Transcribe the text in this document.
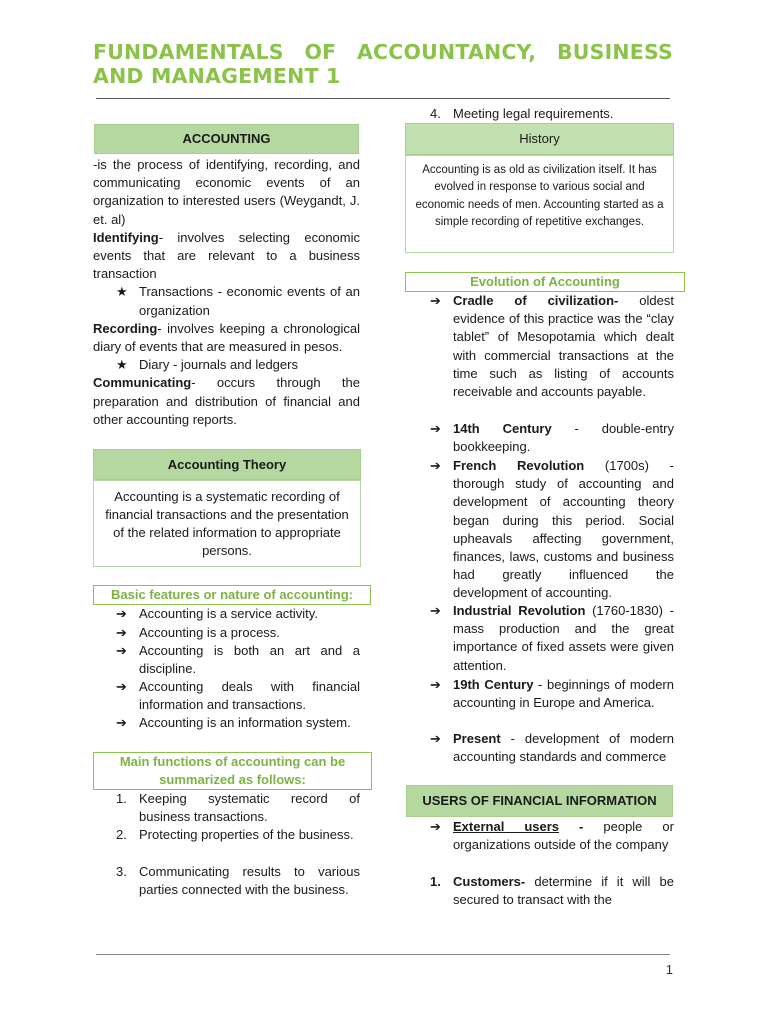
FUNDAMENTALS OF ACCOUNTANCY, BUSINESS AND MANAGEMENT 1
ACCOUNTING

-is the process of identifying, recording, and communicating economic events of an organization to interested users (Weygandt, J. et. al)

Identifying- involves selecting economic events that are relevant to a business transaction

★ Transactions - economic events of an organization

Recording- involves keeping a chronological diary of events that are measured in pesos.

★ Diary - journals and ledgers

Communicating- occurs through the preparation and distribution of financial and other accounting reports.

Accounting Theory
Accounting is a systematic recording of financial transactions and the presentation of the related information to appropriate persons.
Basic features or nature of accounting:
➔ Accounting is a service activity.
➔ Accounting is a process.
➔ Accounting is both an art and a discipline.
➔ Accounting deals with financial information and transactions.
➔ Accounting is an information system.
Main functions of accounting can be summarized as follows:
1. Keeping systematic record of business transactions.
2. Protecting properties of the business.
3. Communicating results to various parties connected with the business.
4. Meeting legal requirements.
History
Accounting is as old as civilization itself. It has evolved in response to various social and economic needs of men. Accounting started as a simple recording of repetitive exchanges.
Evolution of Accounting
➔ Cradle of civilization- oldest evidence of this practice was the “clay tablet” of Mesopotamia which dealt with commercial transactions at the time such as listing of accounts receivable and accounts payable.
➔ 14th Century - double-entry bookkeeping.
➔ French Revolution (1700s) - thorough study of accounting and development of accounting theory began during this period. Social upheavals affecting government, finances, laws, customs and business had greatly influenced the development of accounting.
➔ Industrial Revolution (1760-1830) - mass production and the great importance of fixed assets were given attention.
➔ 19th Century - beginnings of modern accounting in Europe and America.
➔ Present - development of modern accounting standards and commerce
USERS OF FINANCIAL INFORMATION
➔ External users - people or organizations outside of the company
1. Customers- determine if it will be secured to transact with the
1
